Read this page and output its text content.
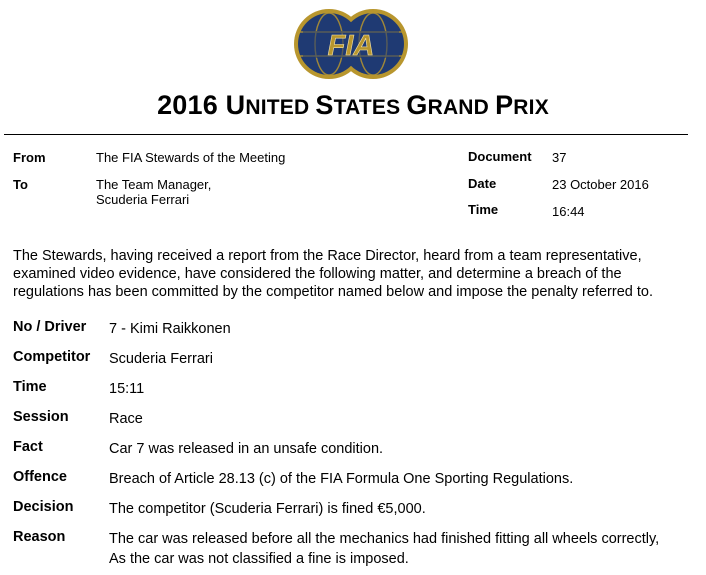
FIA
2016 UNITED STATES GRAND PRIX
From	The FIA Stewards of the Meeting
To	The Team Manager,
Scuderia Ferrari
Document 37
Date	23 October 2016
Time	16:44
The Stewards, having received a report from the Race Director, heard from a team representative, examined video evidence, have considered the following matter, and determine a breach of the regulations has been committed by the competitor named below and impose the penalty referred to.
No / Driver 7 - Kimi Raikkonen
Competitor Scuderia Ferrari
Time	15:11
Session	Race
Fact	Car 7 was released in an unsafe condition.
Offence	Breach of Article 28.13 (c) of the FIA Formula One Sporting Regulations.
Decision The competitor (Scuderia Ferrari) is fined €5,000.
Reason	The car was released before all the mechanics had finished fitting all wheels correctly,
As the car was not classified a fine is imposed.
